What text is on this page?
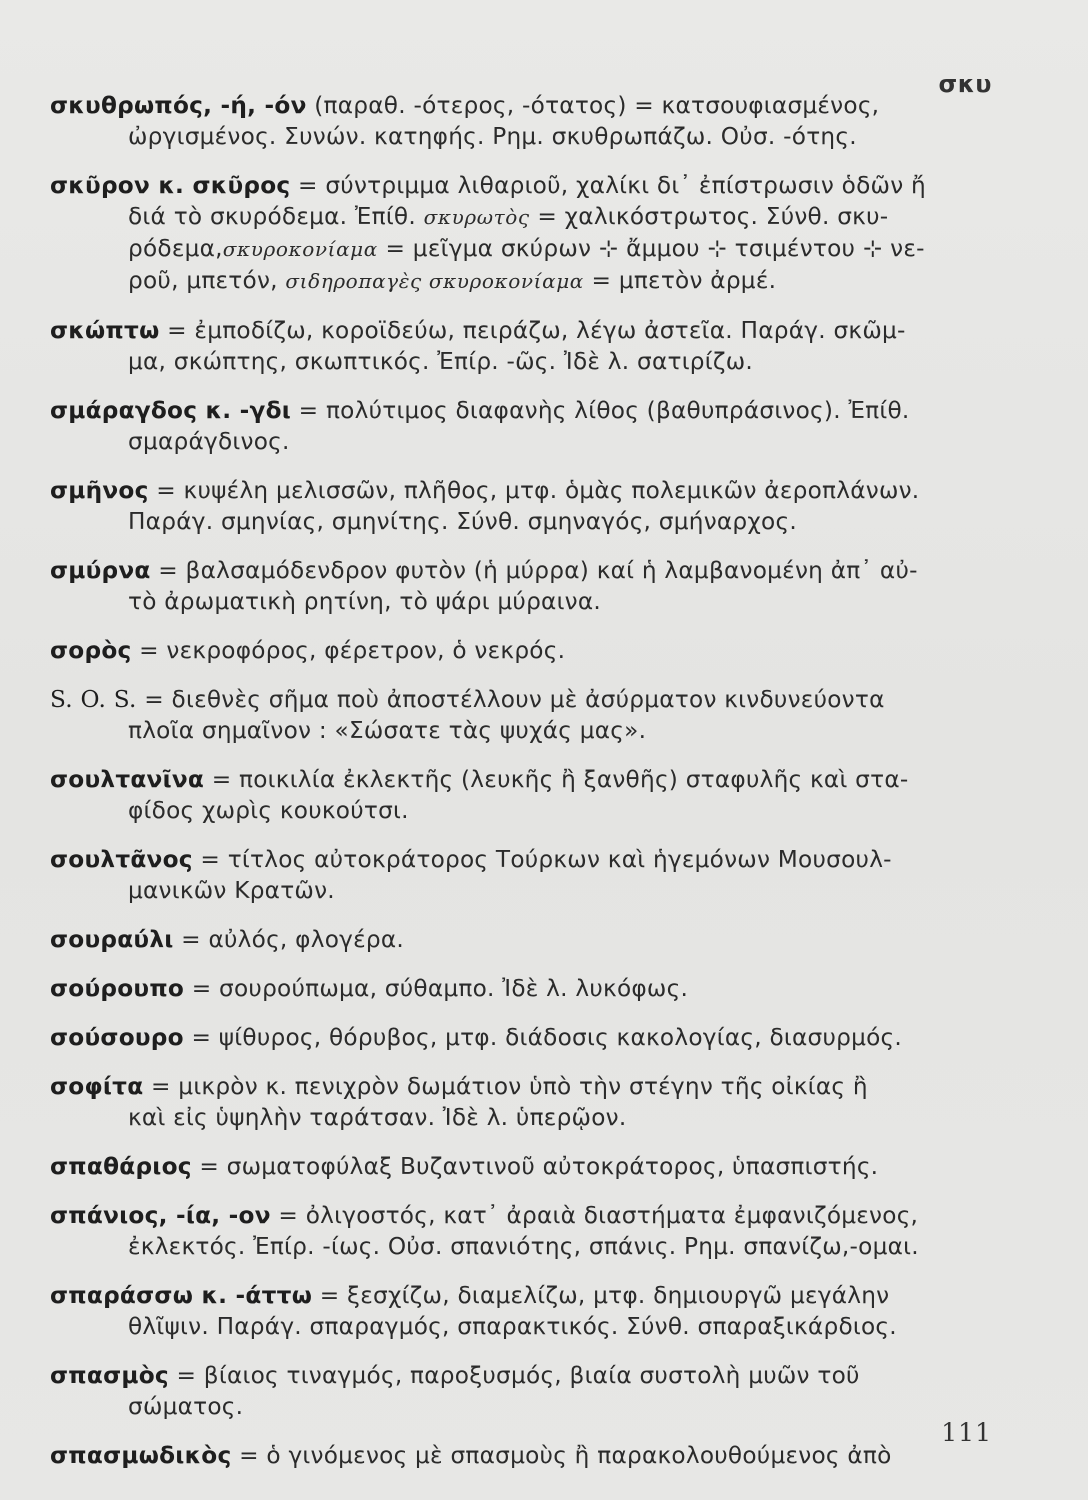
σκυ
σκυθρωπός, -ή, -όν (παραθ. -ότερος, -ότατος) = κατσουφιασμένος,
ὠργισμένος. Συνών. κατηφής. Ρημ. σκυθρωπάζω. Οὐσ. -ότης.
σκῦρον κ. σκῦρος = σύντριμμα λιθαριοῦ, χαλίκι δι᾽ ἐπίστρωσιν ὁδῶν ἤ
διά τὸ σκυρόδεμα. Ἐπίθ. σκυρωτὸς = χαλικόστρωτος. Σύνθ. σκυ-
ρόδεμα,σκυροκονίαμα = μεῖγμα σκύρων ⊹ ἄμμου ⊹ τσιμέντου ⊹ νε-
ροῦ, μπετόν, σιδηροπαγὲς σκυροκονίαμα = μπετὸν ἀρμέ.
σκώπτω = ἐμποδίζω, κοροϊδεύω, πειράζω, λέγω ἀστεῖα. Παράγ. σκῶμ-
μα, σκώπτης, σκωπτικός. Ἐπίρ. -ῶς. Ἰδὲ λ. σατιρίζω.
σμάραγδος κ. -γδι = πολύτιμος διαφανὴς λίθος (βαθυπράσινος). Ἐπίθ.
σμαράγδινος.
σμῆνος = κυψέλη μελισσῶν, πλῆθος, μτφ. ὁμὰς πολεμικῶν ἀεροπλάνων.
Παράγ. σμηνίας, σμηνίτης. Σύνθ. σμηναγός, σμήναρχος.
σμύρνα = βαλσαμόδενδρον φυτὸν (ἡ μύρρα) καί ἡ λαμβανομένη ἀπ᾽ αὐ-
τὸ ἀρωματικὴ ρητίνη, τὸ ψάρι μύραινα.
σορὸς = νεκροφόρος, φέρετρον, ὁ νεκρός.
S. O. S. = διεθνὲς σῆμα ποὺ ἀποστέλλουν μὲ ἀσύρματον κινδυνεύοντα
πλοῖα σημαῖνον : «Σώσατε τὰς ψυχάς μας».
σουλτανῖνα = ποικιλία ἐκλεκτῆς (λευκῆς ἢ ξανθῆς) σταφυλῆς καὶ στα-
φίδος χωρὶς κουκούτσι.
σουλτᾶνος = τίτλος αὐτοκράτορος Τούρκων καὶ ἡγεμόνων Μουσουλ-
μανικῶν Κρατῶν.
σουραύλι = αὐλός, φλογέρα.
σούρουπο = σουρούπωμα, σύθαμπο. Ἰδὲ λ. λυκόφως.
σούσουρο = ψίθυρος, θόρυβος, μτφ. διάδοσις κακολογίας, διασυρμός.
σοφίτα = μικρὸν κ. πενιχρὸν δωμάτιον ὑπὸ τὴν στέγην τῆς οἰκίας ἢ
καὶ εἰς ὑψηλὴν ταράτσαν. Ἰδὲ λ. ὑπερῷον.
σπαθάριος = σωματοφύλαξ Βυζαντινοῦ αὐτοκράτορος, ὑπασπιστής.
σπάνιος, -ία, -ον = ὀλιγοστός, κατ᾽ ἀραιὰ διαστήματα ἐμφανιζόμενος,
ἐκλεκτός. Ἐπίρ. -ίως. Οὐσ. σπανιότης, σπάνις. Ρημ. σπανίζω,-ομαι.
σπαράσσω κ. -άττω = ξεσχίζω, διαμελίζω, μτφ. δημιουργῶ μεγάλην
θλῖψιν. Παράγ. σπαραγμός, σπαρακτικός. Σύνθ. σπαραξικάρδιος.
σπασμὸς = βίαιος τιναγμός, παροξυσμός, βιαία συστολὴ μυῶν τοῦ
σώματος.
σπασμωδικὸς = ὁ γινόμενος μὲ σπασμοὺς ἢ παρακολουθούμενος ἀπὸ
111
